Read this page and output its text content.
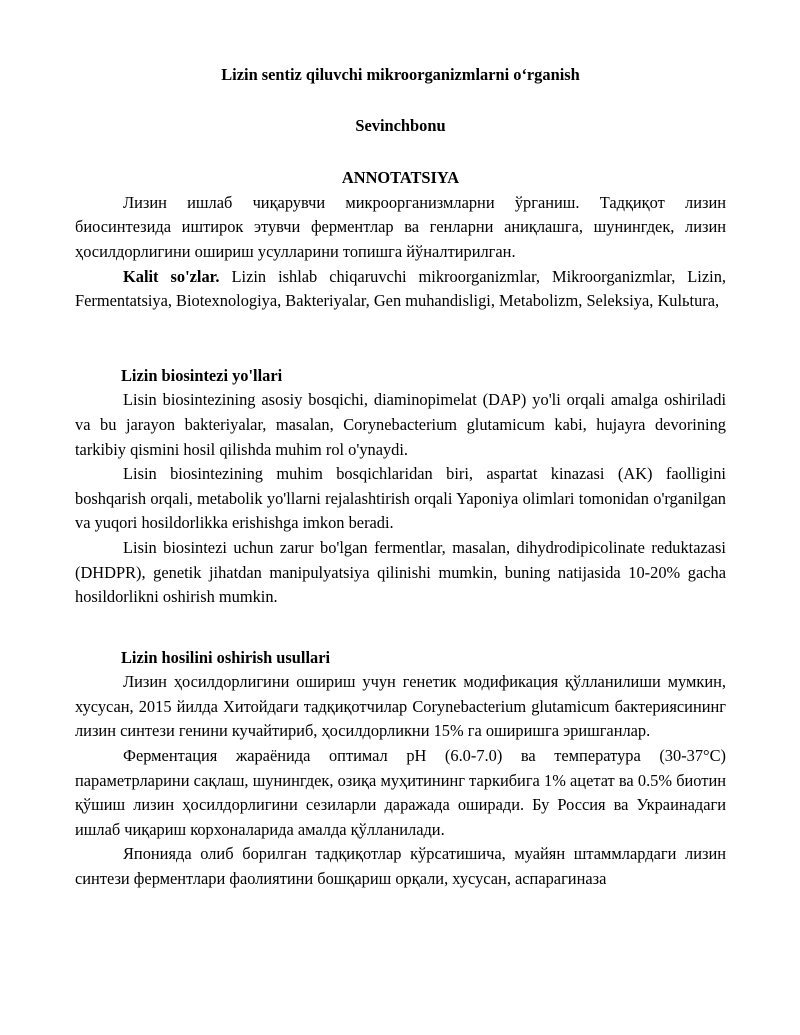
Lizin sentiz qiluvchi mikroorganizmlarni oʻrganish

Sevinchbonu

ANNOTATSIYA

Лизин ишлаб чиқарувчи микроорганизмларни ўрганиш. Тадқиқот лизин биосинтезида иштирок этувчи ферментлар ва генларни аниқлашга, шунингдек, лизин ҳосилдорлигини ошириш усулларини топишга йўналтирилган.

Kalit so'zlar. Lizin ishlab chiqaruvchi mikroorganizmlar, Mikroorganizmlar, Lizin, Fermentatsiya, Biotexnologiya, Bakteriyalar, Gen muhandisligi, Metabolizm, Seleksiya, Kulьtura,

Lizin biosintezi yo'llari

Lisin biosintezining asosiy bosqichi, diaminopimelat (DAP) yo'li orqali amalga oshiriladi va bu jarayon bakteriyalar, masalan, Corynebacterium glutamicum kabi, hujayra devorining tarkibiy qismini hosil qilishda muhim rol o'ynaydi.

Lisin biosintezining muhim bosqichlaridan biri, aspartat kinazasi (AK) faolligini boshqarish orqali, metabolik yo'llarni rejalashtirish orqali Yaponiya olimlari tomonidan o'rganilgan va yuqori hosildorlikka erishishga imkon beradi.

Lisin biosintezi uchun zarur bo'lgan fermentlar, masalan, dihydrodipicolinate reduktazasi (DHDPR), genetik jihatdan manipulyatsiya qilinishi mumkin, buning natijasida 10-20% gacha hosildorlikni oshirish mumkin.

Lizin hosilini oshirish usullari

Лизин ҳосилдорлигини ошириш учун генетик модификация қўлланилиши мумкин, хусусан, 2015 йилда Хитойдаги тадқиқотчилар Corynebacterium glutamicum бактериясининг лизин синтези генини кучайтириб, ҳосилдорликни 15% га оширишга эришганлар.

Ферментация жараёнида оптимал pH (6.0-7.0) ва температура (30-37°C) параметрларини сақлаш, шунингдек, озиқа муҳитининг таркибига 1% ацетат ва 0.5% биотин қўшиш лизин ҳосилдорлигини сезиларли даражада оширади. Бу Россия ва Украинадаги ишлаб чиқариш корхоналарида амалда қўлланилади.

Японияда олиб борилган тадқиқотлар кўрсатишича, муайян штаммлардаги лизин синтези ферментлари фаолиятини бошқариш орқали, хусусан, аспарагиназа
